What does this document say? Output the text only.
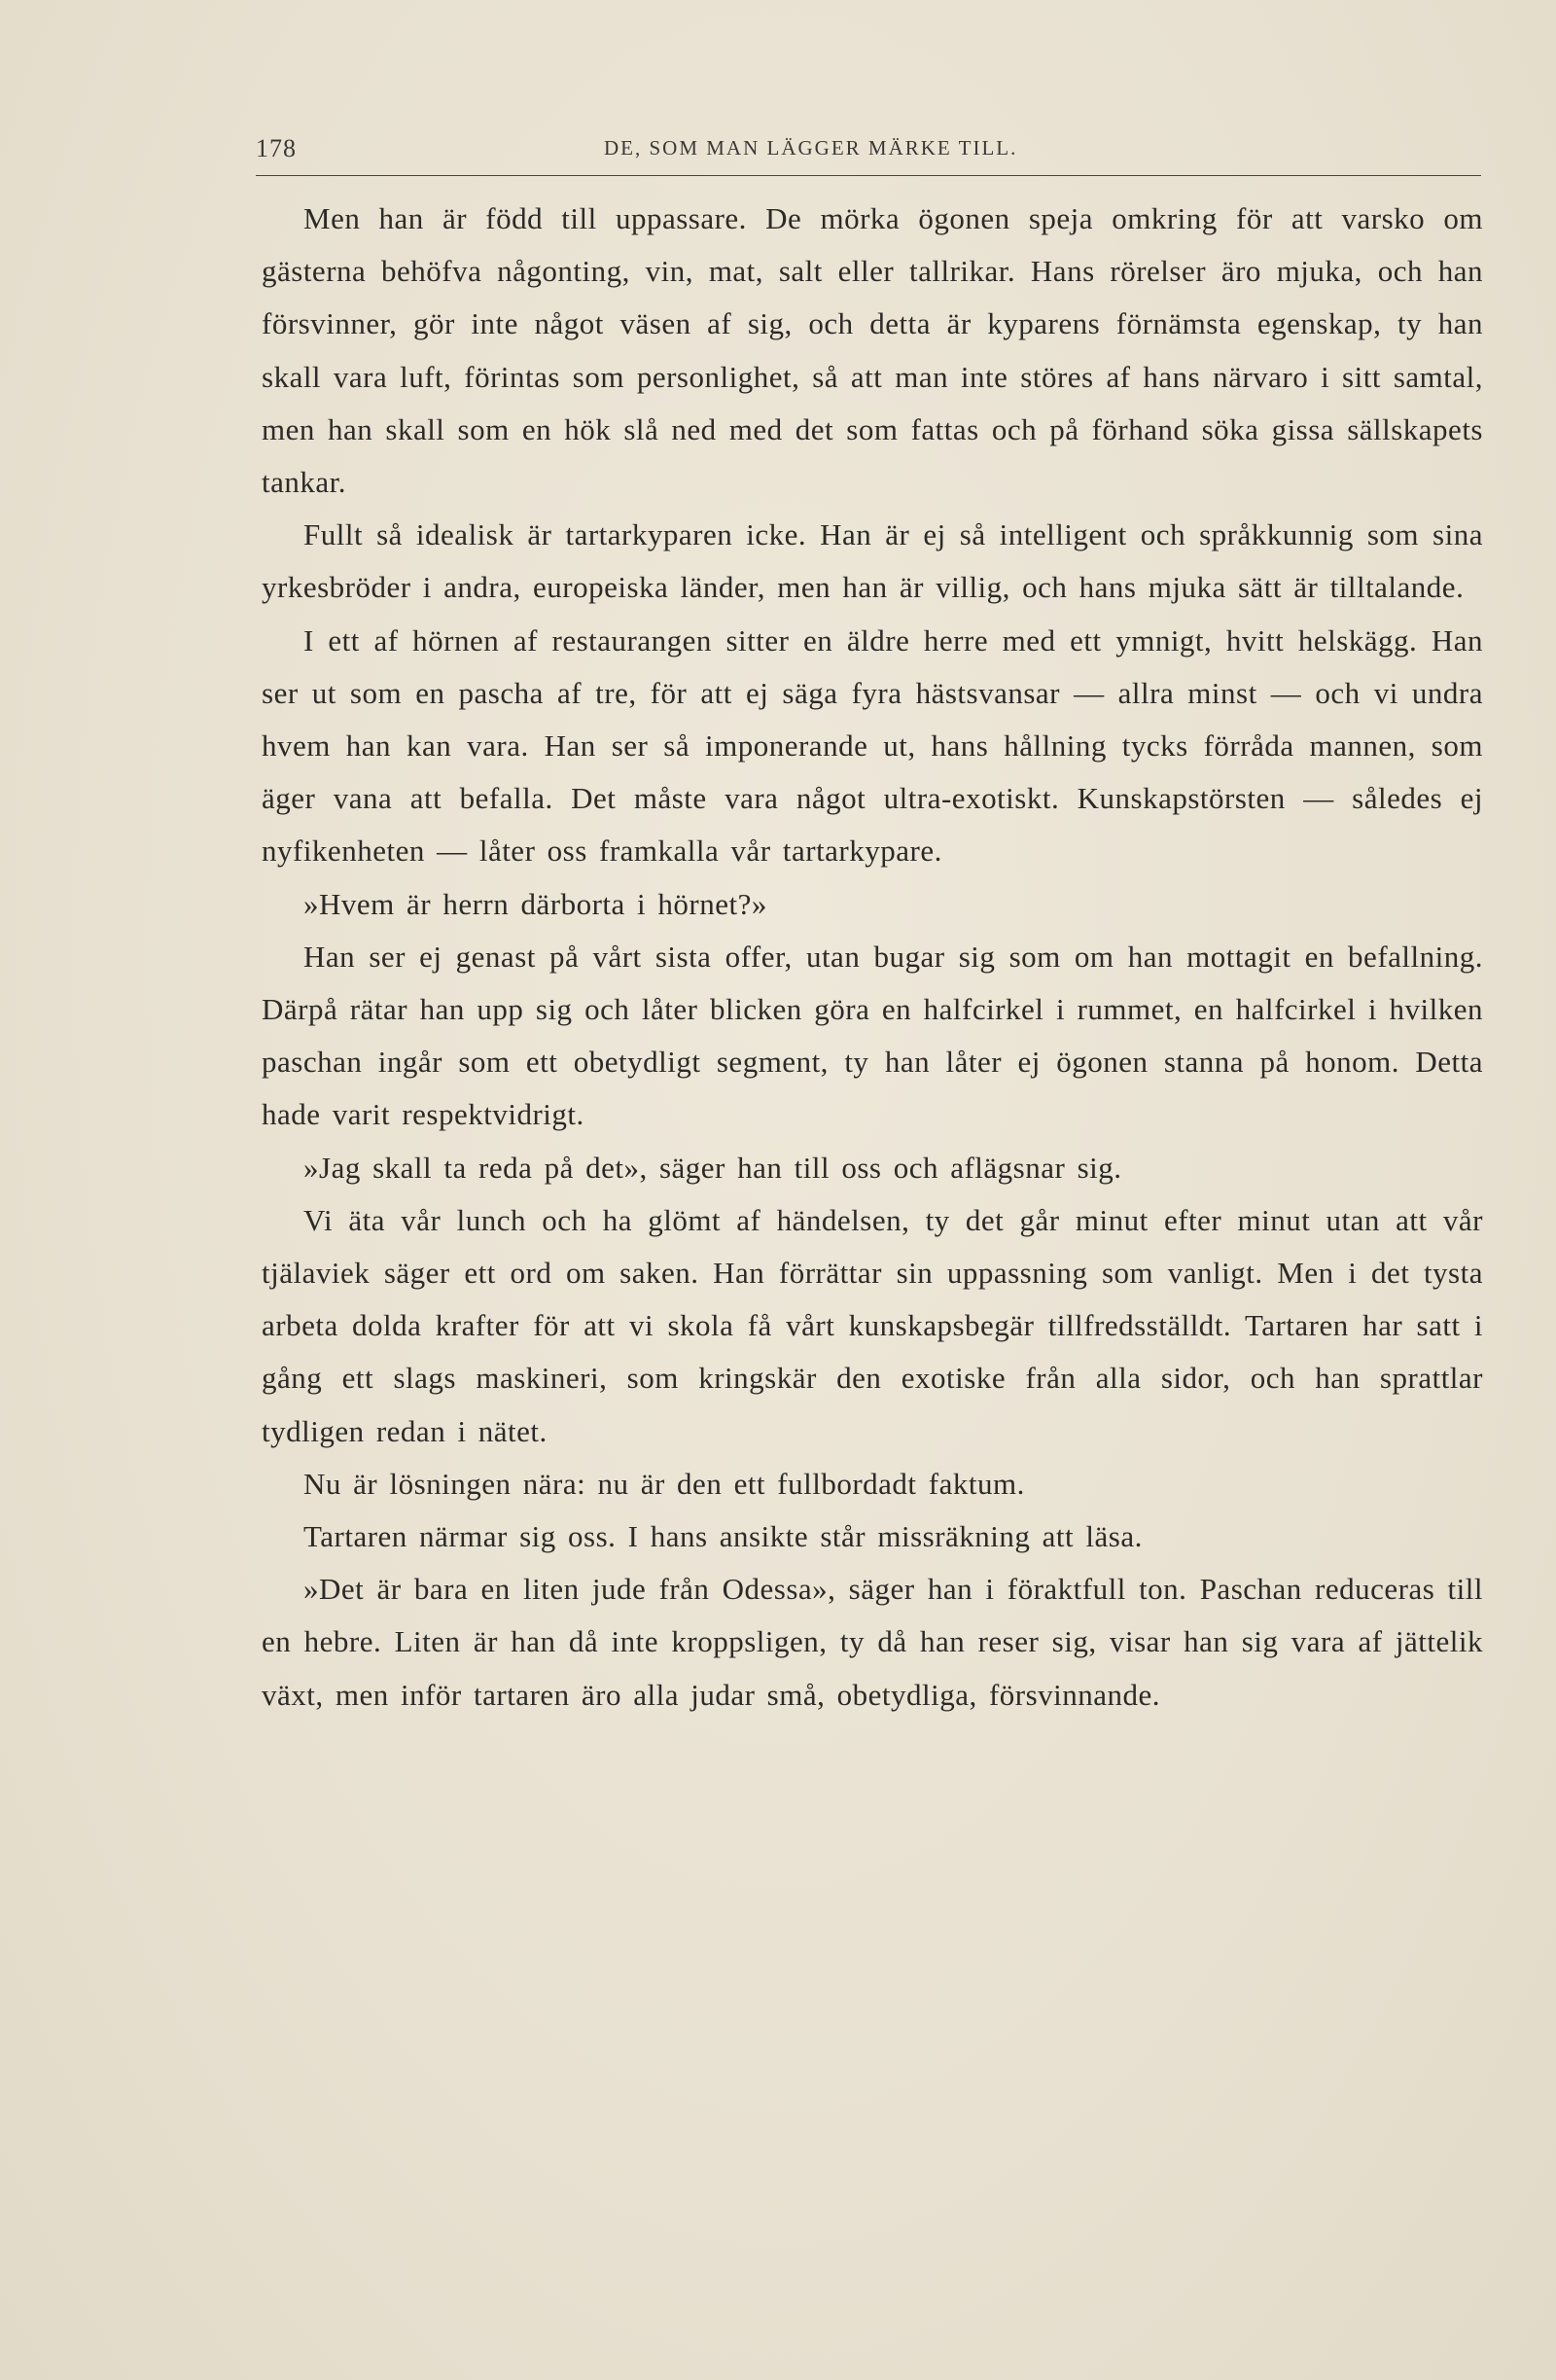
178	DE, SOM MAN LÄGGER MÄRKE TILL.

Men han är född till uppassare. De mörka ögonen speja omkring för att varsko om gästerna behöfva någonting, vin, mat, salt eller tallrikar. Hans rörelser äro mjuka, och han försvinner, gör inte något väsen af sig, och detta är kyparens förnämsta egenskap, ty han skall vara luft, förintas som personlighet, så att man inte störes af hans närvaro i sitt samtal, men han skall som en hök slå ned med det som fattas och på förhand söka gissa sällskapets tankar.

Fullt så idealisk är tartarkyparen icke. Han är ej så intelligent och språkkunnig som sina yrkesbröder i andra, europeiska länder, men han är villig, och hans mjuka sätt är tilltalande.

I ett af hörnen af restaurangen sitter en äldre herre med ett ymnigt, hvitt helskägg. Han ser ut som en pascha af tre, för att ej säga fyra hästsvansar — allra minst — och vi undra hvem han kan vara. Han ser så imponerande ut, hans hållning tycks förråda mannen, som äger vana att befalla. Det måste vara något ultra-exotiskt. Kunskapstörsten — således ej nyfikenheten — låter oss framkalla vår tartarkypare.

»Hvem är herrn därborta i hörnet?»

Han ser ej genast på vårt sista offer, utan bugar sig som om han mottagit en befallning. Därpå rätar han upp sig och låter blicken göra en halfcirkel i rummet, en halfcirkel i hvilken paschan ingår som ett obetydligt segment, ty han låter ej ögonen stanna på honom. Detta hade varit respektvidrigt.

»Jag skall ta reda på det», säger han till oss och aflägsnar sig.

Vi äta vår lunch och ha glömt af händelsen, ty det går minut efter minut utan att vår tjälaviek säger ett ord om saken. Han förrättar sin uppassning som vanligt. Men i det tysta arbeta dolda krafter för att vi skola få vårt kunskapsbegär tillfredsställdt. Tartaren har satt i gång ett slags maskineri, som kringskär den exotiske från alla sidor, och han sprattlar tydligen redan i nätet.

Nu är lösningen nära: nu är den ett fullbordadt faktum.

Tartaren närmar sig oss. I hans ansikte står missräkning att läsa.

»Det är bara en liten jude från Odessa», säger han i föraktfull ton. Paschan reduceras till en hebre. Liten är han då inte kroppsligen, ty då han reser sig, visar han sig vara af jättelik växt, men inför tartaren äro alla judar små, obetydliga, försvinnande.
